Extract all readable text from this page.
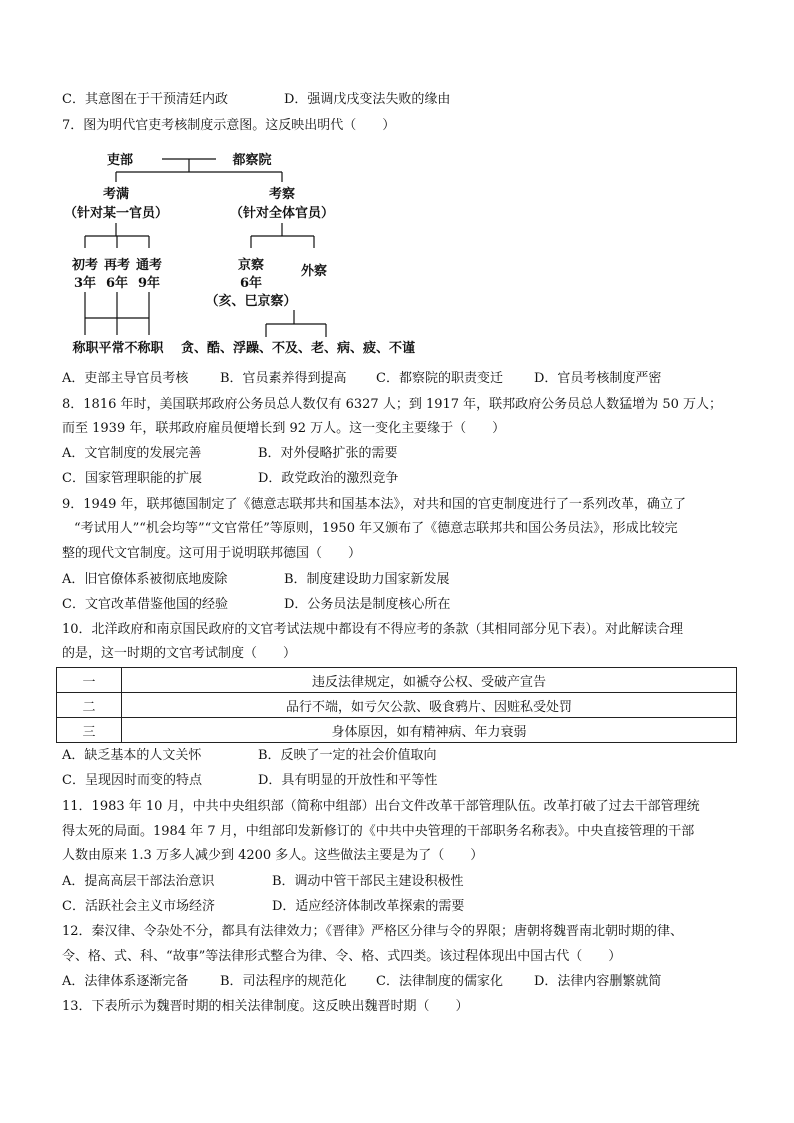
C．其意图在于干预清廷内政	D．强调戊戌变法失败的缘由
7．图为明代官吏考核制度示意图。这反映出明代（　　）
吏部	都察院
考满
（针对某一官员）
考察
（针对全体官员）
初考
3年
再考
6年
通考
9年
称职平常不称职
京察
6年
（亥、巳京察）
外察
贪、酷、浮躁、不及、老、病、疲、不谨
A．吏部主导官员考核 B．官员素养得到提高 C．都察院的职责变迁 D．官员考核制度严密
8．1816 年时，美国联邦政府公务员总人数仅有 6327 人；到 1917 年，联邦政府公务员总人数猛增为 50 万人；
而至 1939 年，联邦政府雇员便增长到 92 万人。这一变化主要缘于（　　）
A．文官制度的发展完善	B．对外侵略扩张的需要
C．国家管理职能的扩展	D．政党政治的激烈竞争
9．1949 年，联邦德国制定了《德意志联邦共和国基本法》，对共和国的官吏制度进行了一系列改革，确立了
“考试用人”“机会均等”“文官常任”等原则，1950 年又颁布了《德意志联邦共和国公务员法》，形成比较完
整的现代文官制度。这可用于说明联邦德国（　　）
A．旧官僚体系被彻底地废除	B．制度建设助力国家新发展
C．文官改革借鉴他国的经验	D．公务员法是制度核心所在
10．北洋政府和南京国民政府的文官考试法规中都设有不得应考的条款（其相同部分见下表）。对此解读合理
的是，这一时期的文官考试制度（　　）
一	违反法律规定，如褫夺公权、受破产宣告
二	品行不端，如亏欠公款、吸食鸦片、因赃私受处罚
三	身体原因，如有精神病、年力衰弱
A．缺乏基本的人文关怀	B．反映了一定的社会价值取向
C．呈现因时而变的特点	D．具有明显的开放性和平等性
11．1983 年 10 月，中共中央组织部（简称中组部）出台文件改革干部管理队伍。改革打破了过去干部管理统
得太死的局面。1984 年 7 月，中组部印发新修订的《中共中央管理的干部职务名称表》。中央直接管理的干部
人数由原来 1.3 万多人减少到 4200 多人。这些做法主要是为了（　　）
A．提高高层干部法治意识	B．调动中管干部民主建设积极性
C．活跃社会主义市场经济	D．适应经济体制改革探索的需要
12．秦汉律、令杂处不分，都具有法律效力；《晋律》严格区分律与令的界限；唐朝将魏晋南北朝时期的律、
令、格、式、科、“故事”等法律形式整合为律、令、格、式四类。该过程体现出中国古代（　　）
A．法律体系逐渐完备 B．司法程序的规范化 C．法律制度的儒家化 D．法律内容删繁就简
13．下表所示为魏晋时期的相关法律制度。这反映出魏晋时期（　　）
